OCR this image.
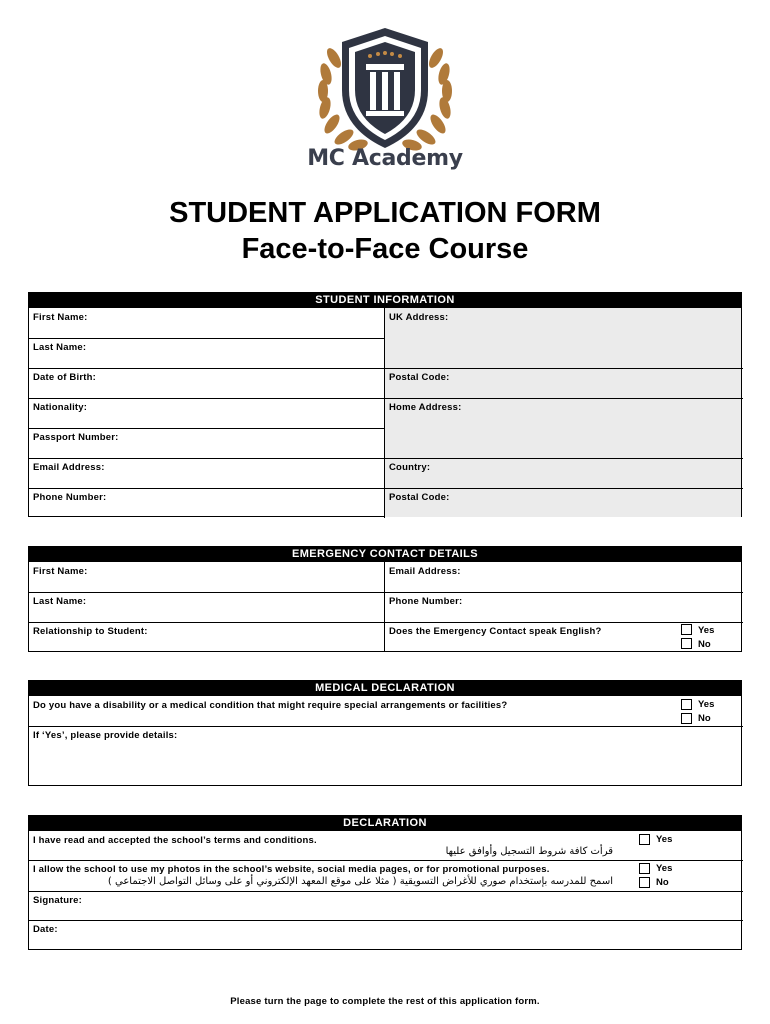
MC Academy
STUDENT APPLICATION FORM
Face-to-Face Course
STUDENT INFORMATION
First Name:	UK Address:
Last Name:
Date of Birth:	Postal Code:
Nationality:	Home Address:
Passport Number:
Email Address:	Country:
Phone Number:	Postal Code:
EMERGENCY CONTACT DETAILS
First Name:	Email Address:
Last Name:	Phone Number:
Relationship to Student:	Does the Emergency Contact speak English?	Yes
No
MEDICAL DECLARATION
Do you have a disability or a medical condition that might require special arrangements or facilities?	Yes
No
If ‘Yes’, please provide details:
DECLARATION
I have read and accepted the school’s terms and conditions.
قرأت كافة شروط التسجيل وأوافق عليها
Yes
I allow the school to use my photos in the school’s website, social media pages, or for promotional purposes.
اسمح للمدرسه بإستخدام صوري للأغراض التسويقية ( مثلا على موقع المعهد الإلكتروني أو على وسائل التواصل الاجتماعي )
Yes
No
Signature:
Date:
Please turn the page to complete the rest of this application form.
